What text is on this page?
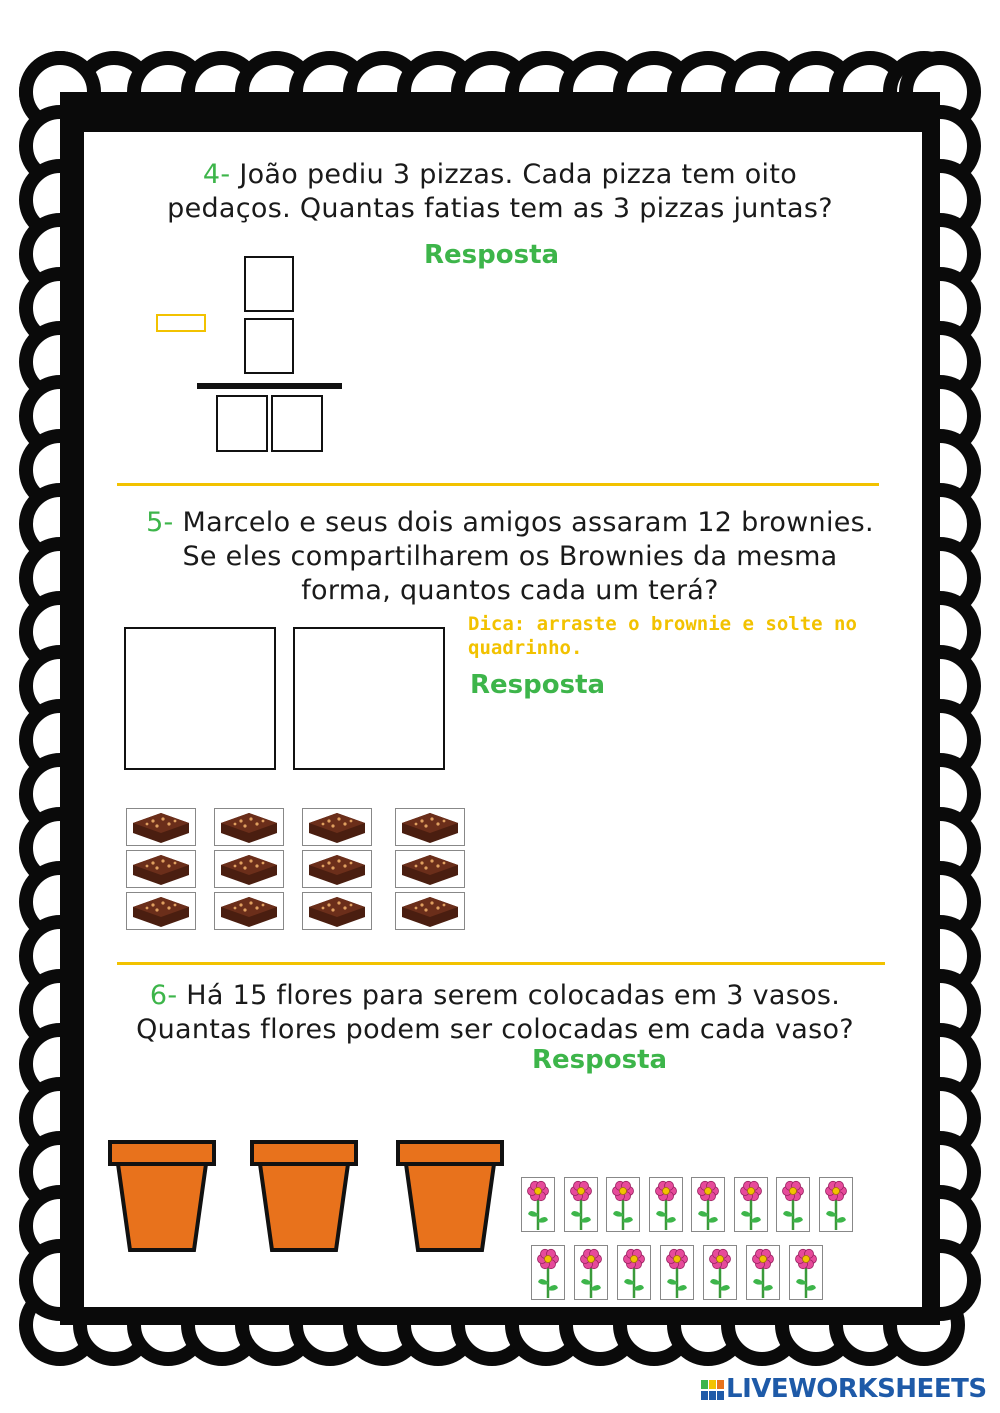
4- João pediu 3 pizzas. Cada pizza tem oito
pedaços. Quantas fatias tem as 3 pizzas juntas?
Resposta
5- Marcelo e seus dois amigos assaram 12 brownies.
Se eles compartilharem os Brownies da mesma
forma, quantos cada um terá?
Dica: arraste o brownie e solte no
quadrinho.
Resposta
6- Há 15 flores para serem colocadas em 3 vasos.
Quantas flores podem ser colocadas em cada vaso?
Resposta
LIVEWORKSHEETS
